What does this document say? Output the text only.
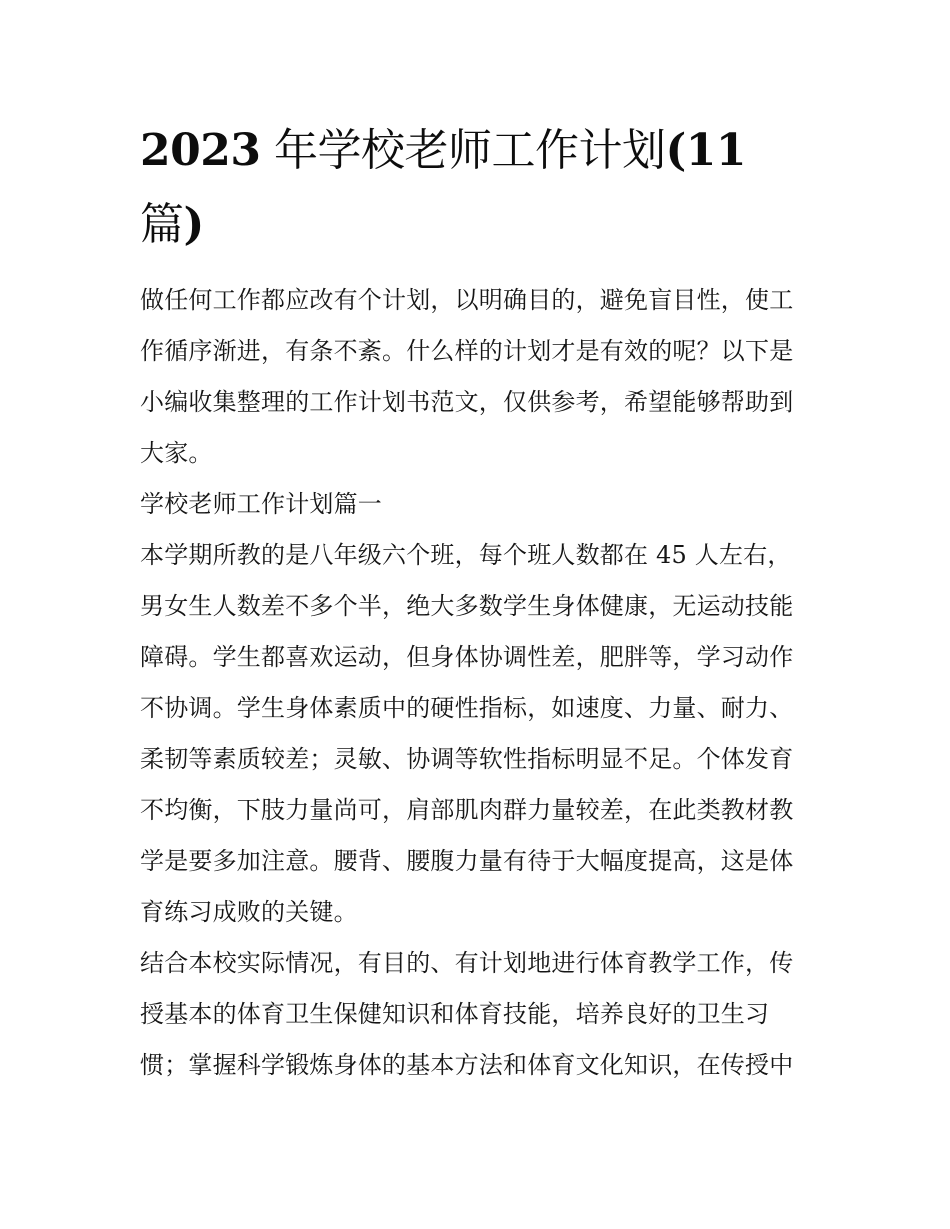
2023 年学校老师工作计划(11
篇)

做任何工作都应改有个计划，以明确目的，避免盲目性，使工
作循序渐进，有条不紊。什么样的计划才是有效的呢？以下是
小编收集整理的工作计划书范文，仅供参考，希望能够帮助到
大家。

学校老师工作计划篇一

本学期所教的是八年级六个班，每个班人数都在 45 人左右，
男女生人数差不多个半，绝大多数学生身体健康，无运动技能
障碍。学生都喜欢运动，但身体协调性差，肥胖等，学习动作
不协调。学生身体素质中的硬性指标，如速度、力量、耐力、
柔韧等素质较差；灵敏、协调等软性指标明显不足。个体发育
不均衡，下肢力量尚可，肩部肌肉群力量较差，在此类教材教
学是要多加注意。腰背、腰腹力量有待于大幅度提高，这是体
育练习成败的关键。

结合本校实际情况，有目的、有计划地进行体育教学工作，传
授基本的体育卫生保健知识和体育技能，培养良好的卫生习
惯；掌握科学锻炼身体的基本方法和体育文化知识，在传授中
